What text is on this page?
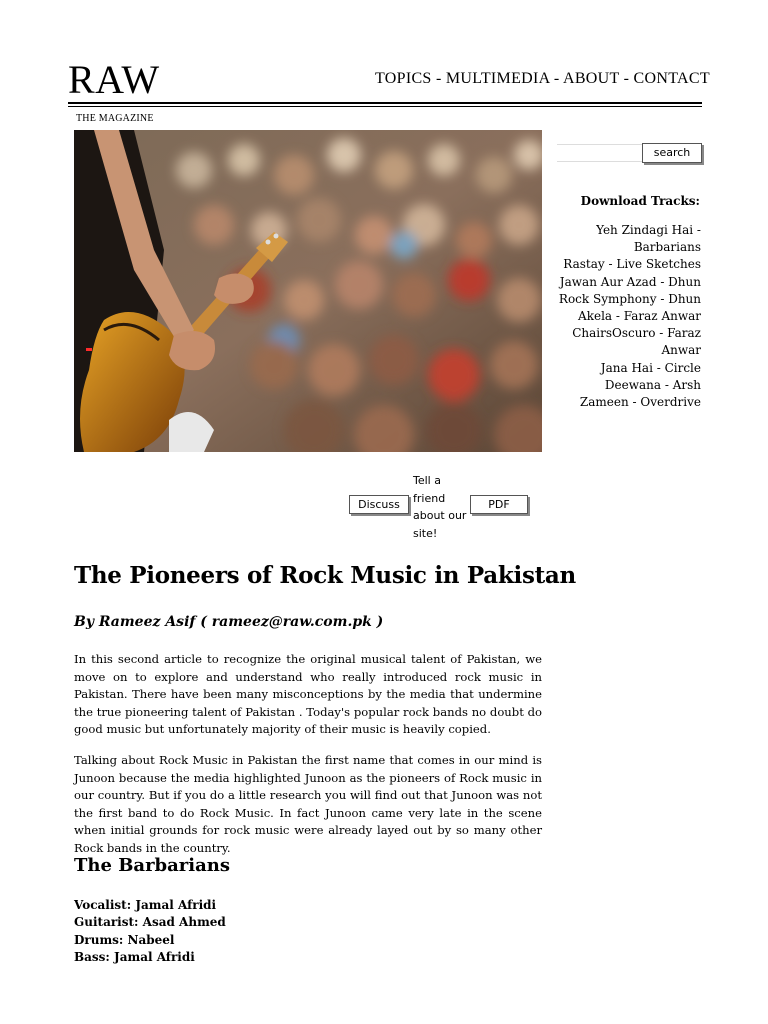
RAW	TOPICS - MULTIMEDIA - ABOUT - CONTACT
THE MAGAZINE
search
Download Tracks:
Yeh Zindagi Hai -
Barbarians
Rastay - Live Sketches
Jawan Aur Azad - Dhun
Rock Symphony - Dhun
Akela - Faraz Anwar
ChairsOscuro - Faraz Anwar
Jana Hai - Circle
Deewana - Arsh
Zameen - Overdrive
Discuss
Tell a friend about our site!
PDF
The Pioneers of Rock Music in Pakistan
By Rameez Asif ( rameez@raw.com.pk )
In this second article to recognize the original musical talent of Pakistan, we move on to explore and understand who really introduced rock music in Pakistan. There have been many misconceptions by the media that undermine the true pioneering talent of Pakistan . Today's popular rock bands no doubt do good music but unfortunately majority of their music is heavily copied.
Talking about Rock Music in Pakistan the first name that comes in our mind is Junoon because the media highlighted Junoon as the pioneers of Rock music in our country. But if you do a little research you will find out that Junoon was not the first band to do Rock Music. In fact Junoon came very late in the scene when initial grounds for rock music were already layed out by so many other Rock bands in the country.
The Barbarians
Vocalist: Jamal Afridi
Guitarist: Asad Ahmed
Drums: Nabeel
Bass: Jamal Afridi
